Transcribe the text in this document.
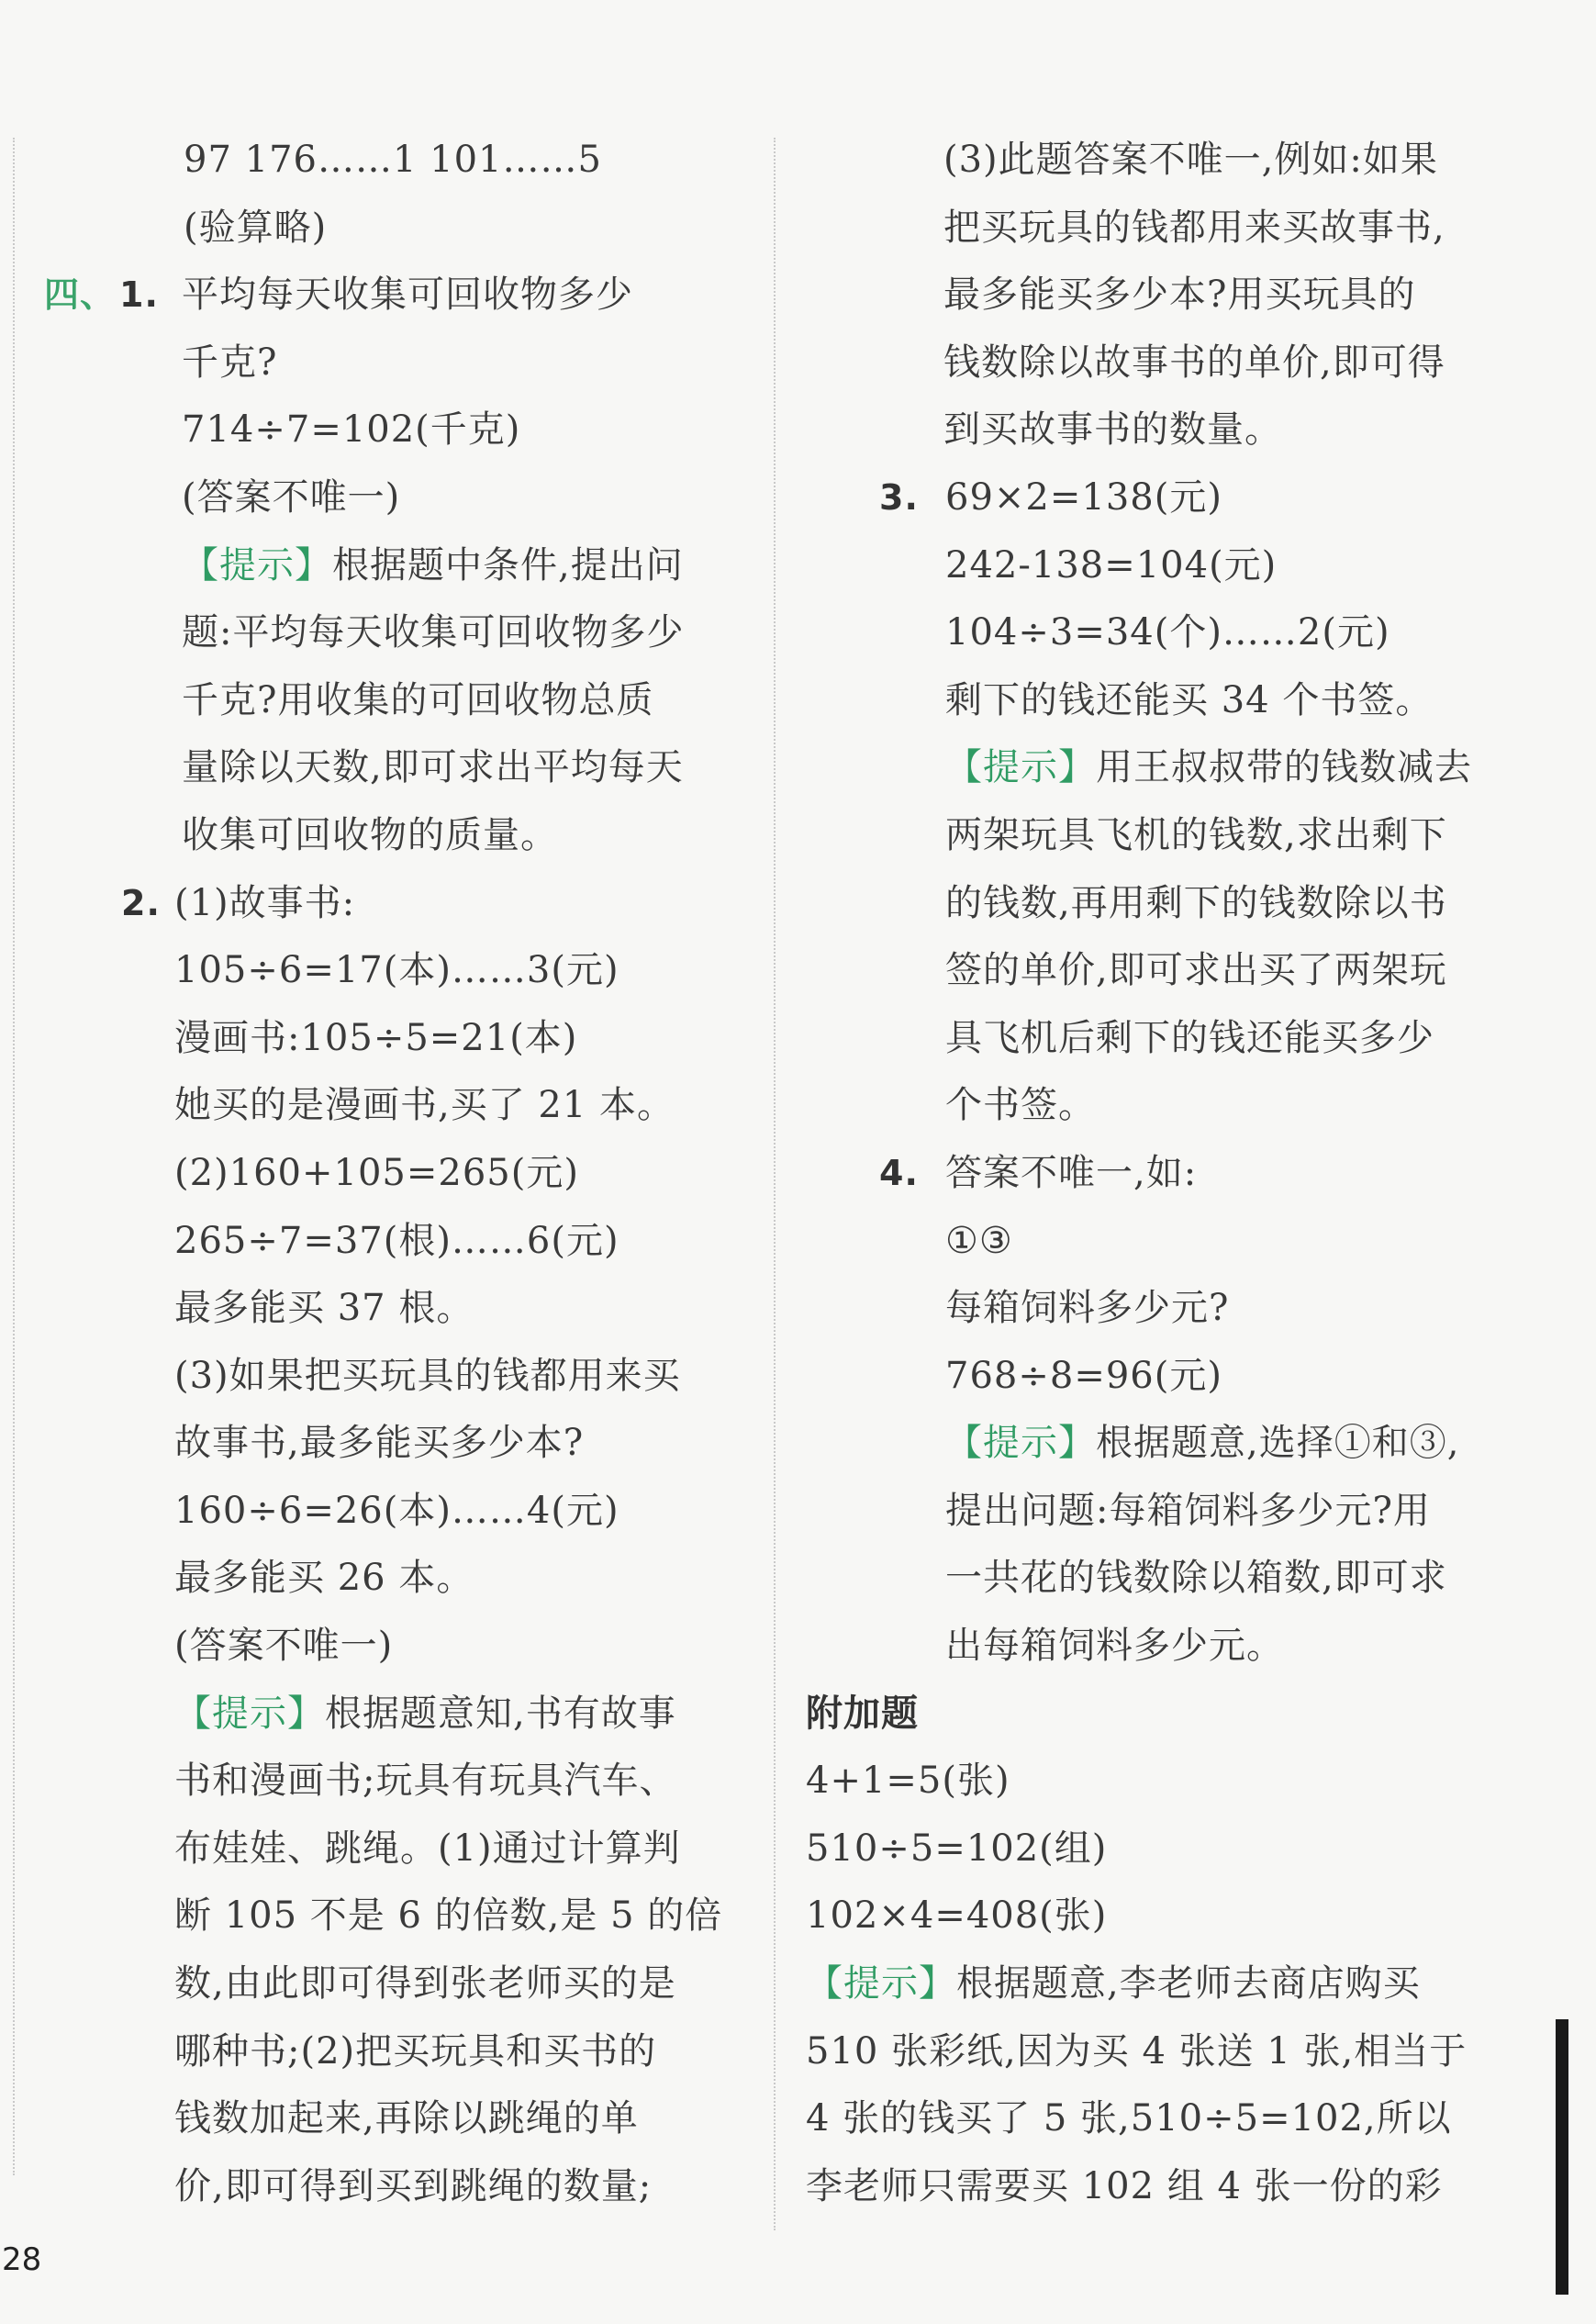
97 176……1 101……5
(验算略)
四、 1. 平均每天收集可回收物多少
千克?
714÷7=102(千克)
(答案不唯一)
【提示】根据题中条件,提出问
题:平均每天收集可回收物多少
千克?用收集的可回收物总质
量除以天数,即可求出平均每天
收集可回收物的质量。
2. (1)故事书:
105÷6=17(本)……3(元)
漫画书:105÷5=21(本)
她买的是漫画书,买了 21 本。
(2)160+105=265(元)
265÷7=37(根)……6(元)
最多能买 37 根。
(3)如果把买玩具的钱都用来买
故事书,最多能买多少本?
160÷6=26(本)……4(元)
最多能买 26 本。
(答案不唯一)
【提示】根据题意知,书有故事
书和漫画书;玩具有玩具汽车、
布娃娃、跳绳。(1)通过计算判
断 105 不是 6 的倍数,是 5 的倍
数,由此即可得到张老师买的是
哪种书;(2)把买玩具和买书的
钱数加起来,再除以跳绳的单
价,即可得到买到跳绳的数量;
(3)此题答案不唯一,例如:如果
把买玩具的钱都用来买故事书,
最多能买多少本?用买玩具的
钱数除以故事书的单价,即可得
到买故事书的数量。
3. 69×2=138(元)
242-138=104(元)
104÷3=34(个)……2(元)
剩下的钱还能买 34 个书签。
【提示】用王叔叔带的钱数减去
两架玩具飞机的钱数,求出剩下
的钱数,再用剩下的钱数除以书
签的单价,即可求出买了两架玩
具飞机后剩下的钱还能买多少
个书签。
4. 答案不唯一,如:
①③
每箱饲料多少元?
768÷8=96(元)
【提示】根据题意,选择①和③,
提出问题:每箱饲料多少元?用
一共花的钱数除以箱数,即可求
出每箱饲料多少元。
附加题
4+1=5(张)
510÷5=102(组)
102×4=408(张)
【提示】根据题意,李老师去商店购买
510 张彩纸,因为买 4 张送 1 张,相当于
4 张的钱买了 5 张,510÷5=102,所以
李老师只需要买 102 组 4 张一份的彩
28
